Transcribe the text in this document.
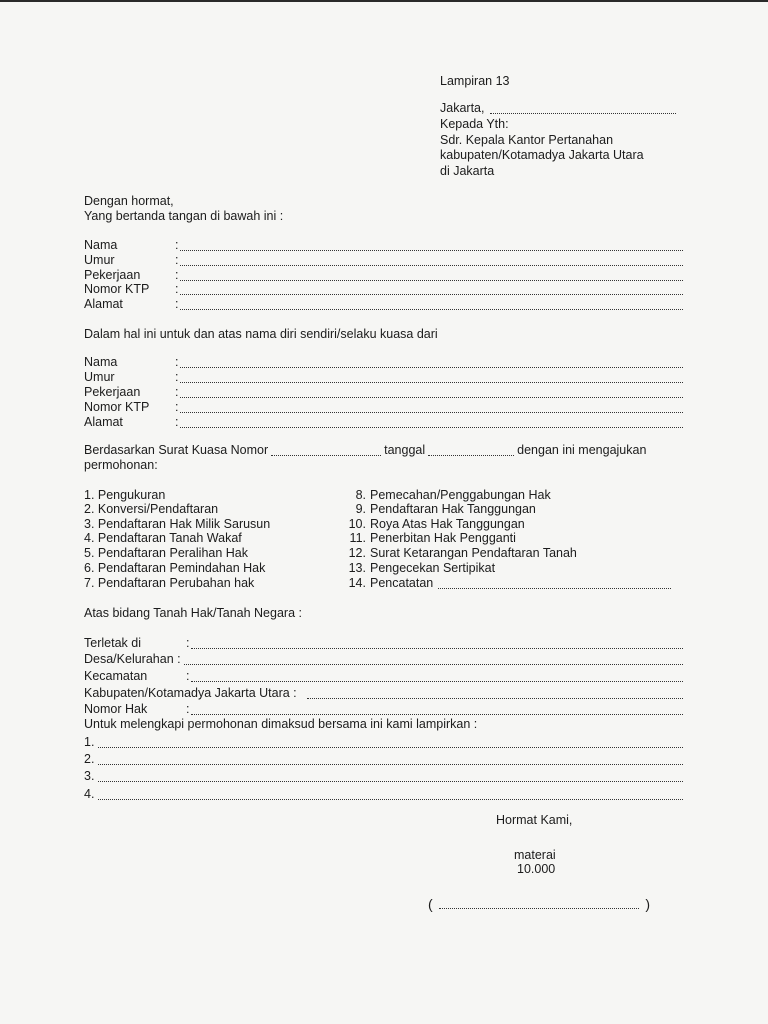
Lampiran 13
Jakarta,
Kepada Yth:
Sdr. Kepala Kantor Pertanahan
kabupaten/Kotamadya Jakarta Utara
di Jakarta
Dengan hormat,
Yang bertanda tangan di bawah ini :
Nama	:
Umur	:
Pekerjaan	:
Nomor KTP	:
Alamat	:
Dalam hal ini untuk dan atas nama diri sendiri/selaku kuasa dari
Nama	:
Umur	:
Pekerjaan	:
Nomor KTP	:
Alamat	:
Berdasarkan Surat Kuasa Nomor	tanggal	dengan ini mengajukan
permohonan:
1. Pengukuran
2. Konversi/Pendaftaran
3. Pendaftaran Hak Milik Sarusun
4. Pendaftaran Tanah Wakaf
5. Pendaftaran Peralihan Hak
6. Pendaftaran Pemindahan Hak
7. Pendaftaran Perubahan hak
8. Pemecahan/Penggabungan Hak
9. Pendaftaran Hak Tanggungan
10. Roya Atas Hak Tanggungan
11. Penerbitan Hak Pengganti
12. Surat Ketarangan Pendaftaran Tanah
13. Pengecekan Sertipikat
14. Pencatatan
Atas bidang Tanah Hak/Tanah Negara :
Terletak di	:
Desa/Kelurahan :
Kecamatan	:
Kabupaten/Kotamadya Jakarta Utara :
Nomor Hak	:
Untuk melengkapi permohonan dimaksud bersama ini kami lampirkan :
1.
2.
3.
4.
Hormat Kami,
materai
10.000
(	)
